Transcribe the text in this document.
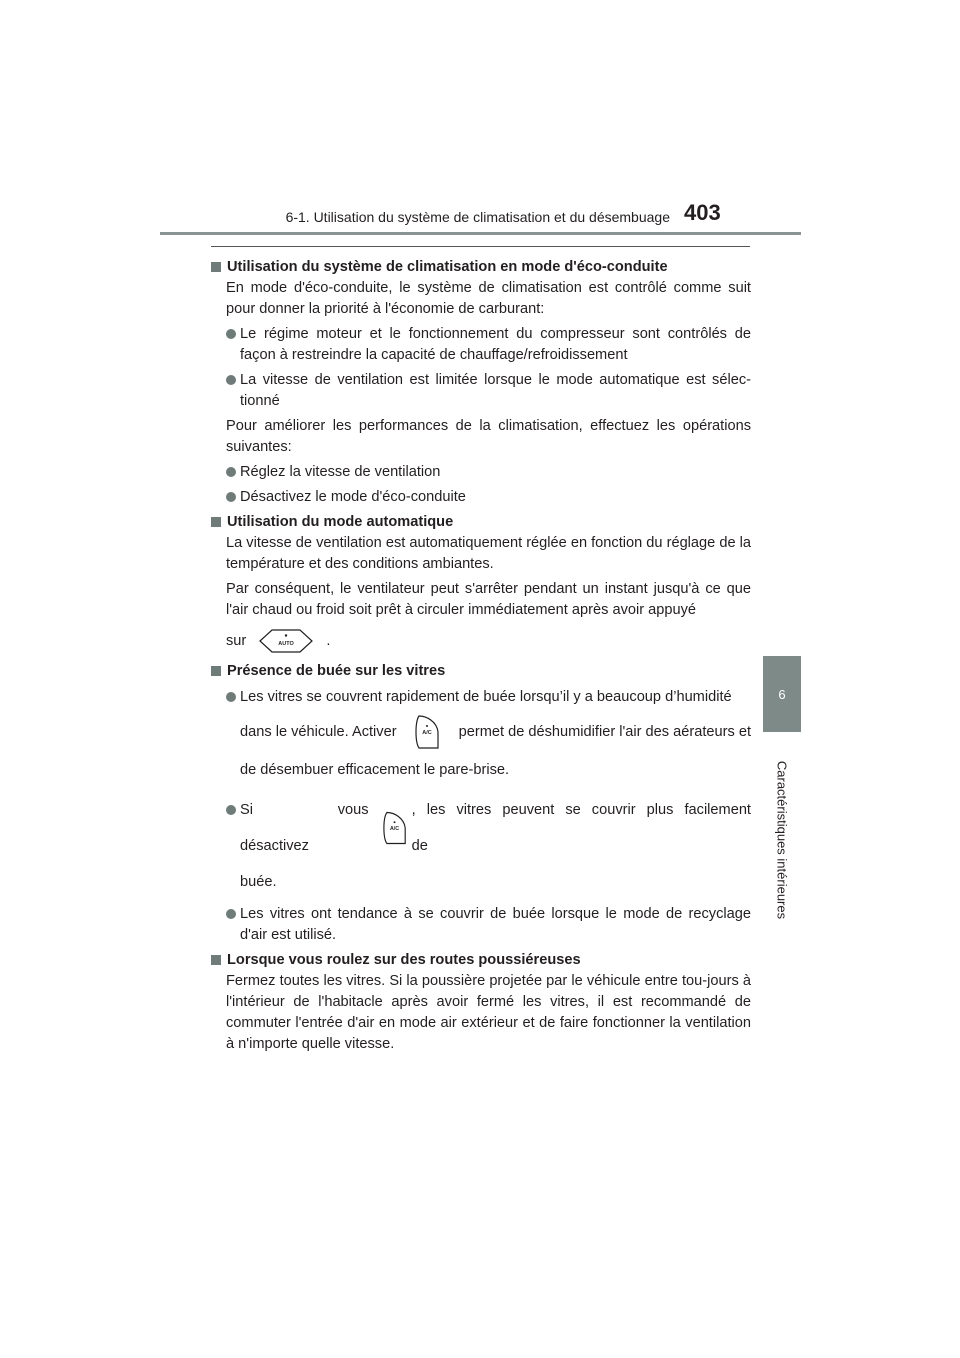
6-1. Utilisation du système de climatisation et du désembuage 403
6
Caractéristiques intérieures
Utilisation du système de climatisation en mode d'éco-conduite

En mode d'éco-conduite, le système de climatisation est contrôlé comme suit pour donner la priorité à l'économie de carburant:

Le régime moteur et le fonctionnement du compresseur sont contrôlés de façon à restreindre la capacité de chauffage/refroidissement
La vitesse de ventilation est limitée lorsque le mode automatique est sélec-tionné

Pour améliorer les performances de la climatisation, effectuez les opérations suivantes:

Réglez la vitesse de ventilation
Désactivez le mode d'éco-conduite
Utilisation du mode automatique

La vitesse de ventilation est automatiquement réglée en fonction du réglage de la température et des conditions ambiantes.

Par conséquent, le ventilateur peut s'arrêter pendant un instant jusqu'à ce que l'air chaud ou froid soit prêt à circuler immédiatement après avoir appuyé

sur	AUTO .

Présence de buée sur les vitres
Les vitres se couvrent rapidement de buée lorsqu’il y a beaucoup d’humidité
dans le véhicule. Activer	A/C permet de déshumidifier l'air des aérateurs et
de désembuer efficacement le pare-brise.
Si vous désactivez
A/C
, les vitres peuvent se couvrir plus facilement de
buée.
Les vitres ont tendance à se couvrir de buée lorsque le mode de recyclage d'air est utilisé.
Lorsque vous roulez sur des routes poussiéreuses

Fermez toutes les vitres. Si la poussière projetée par le véhicule entre tou-jours à l'intérieur de l'habitacle après avoir fermé les vitres, il est recommandé de commuter l'entrée d'air en mode air extérieur et de faire fonctionner la ventilation à n'importe quelle vitesse.
